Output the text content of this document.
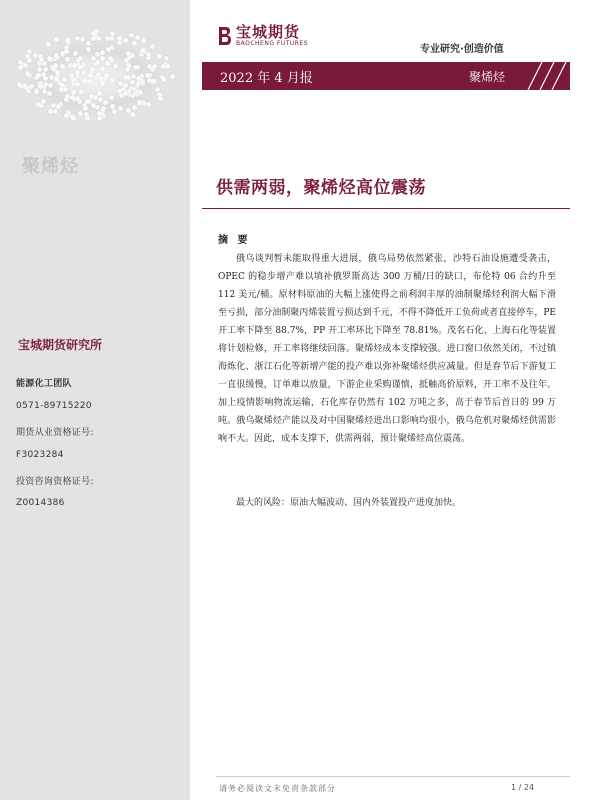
聚烯烃
宝城期货研究所
能源化工团队
0571-89715220
期货从业资格证号:
F3023284
投资咨询资格证号:
Z0014386
宝城期货
BAOCHENG FUTURES
专业研究·创造价值
2022 年 4 月报	聚烯烃
供需两弱，聚烯烃高位震荡
摘 要

俄乌谈判暂未能取得重大进展，俄乌局势依然紧张，沙特石油设施遭受袭击，OPEC 的稳步增产难以填补俄罗斯高达 300 万桶/日的缺口，布伦特 06 合约升至 112 美元/桶。原材料原油的大幅上涨使得之前利润丰厚的油制聚烯烃利润大幅下滑至亏损，部分油制聚丙烯装置亏损达到千元，不得不降低开工负荷或者直接停车，PE 开工率下降至 88.7%，PP 开工率环比下降至 78.81%。茂名石化、上海石化等装置将计划检修，开工率将继续回落。聚烯烃成本支撑较强。进口窗口依然关闭，不过镇海炼化、浙江石化等新增产能的投产难以弥补聚烯烃供应减量。但是春节后下游复工一直很缓慢，订单难以放量，下游企业采购谨慎，抵触高价原料，开工率不及往年。加上疫情影响物流运输，石化库存仍然有 102 万吨之多，高于春节后首日的 99 万吨。俄乌聚烯烃产能以及对中国聚烯烃进出口影响均很小，俄乌危机对聚烯烃供需影响不大。因此，成本支撑下，供需两弱，预计聚烯烃高位震荡。

最大的风险：原油大幅波动、国内外装置投产进度加快。

请务必阅读文末免责条款部分	1 / 24
